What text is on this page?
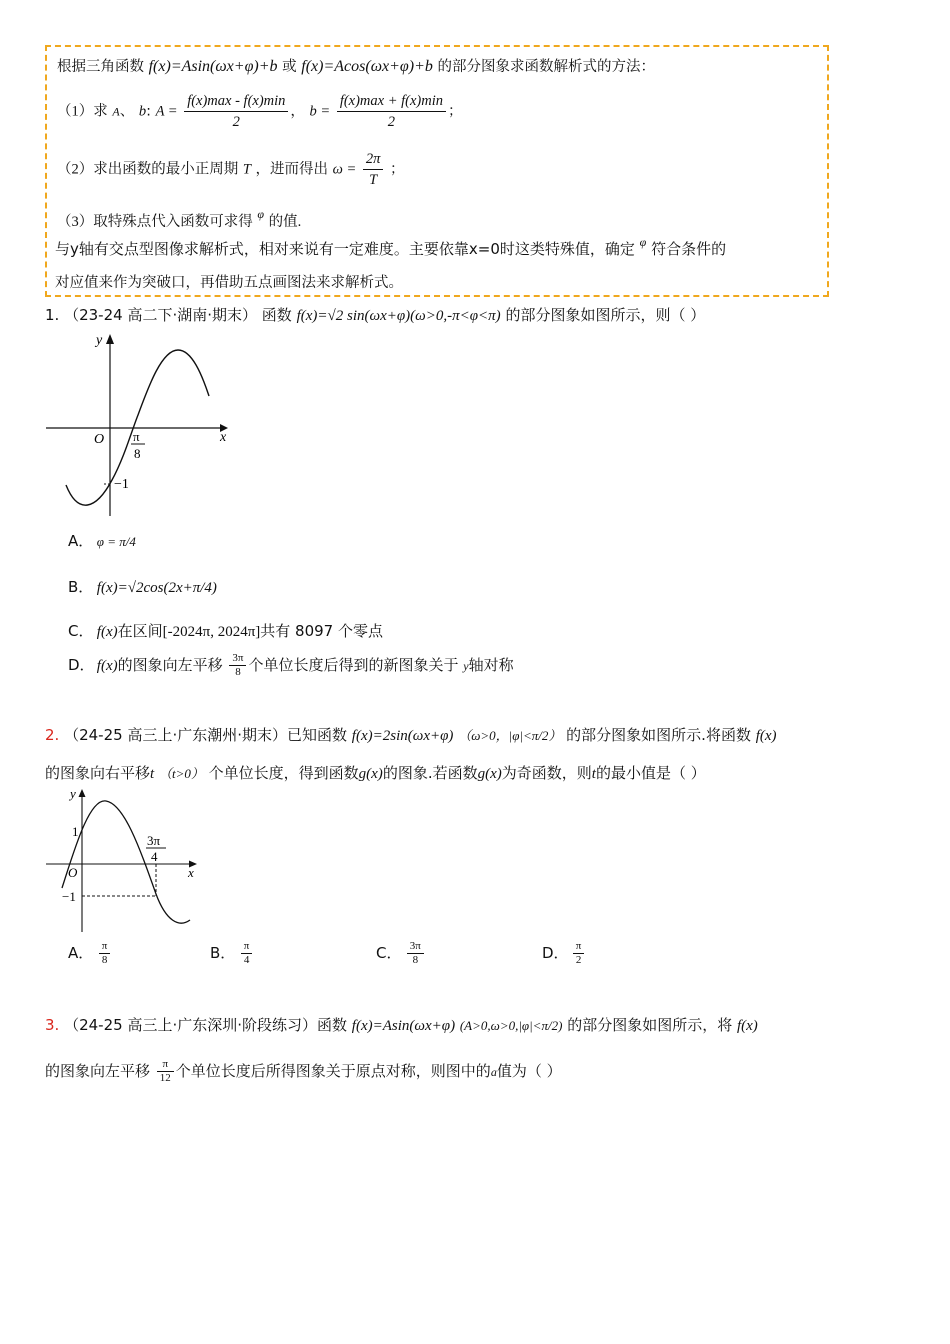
根据三角函数 f(x)=Asin(ωx+φ)+b 或 f(x)=Acos(ωx+φ)+b 的部分图象求函数解析式的方法：
（1）求 A、 b: $A = \frac{f(x)\max - f(x)\min}{2}$ ， $b = \frac{f(x)\max + f(x)\min}{2}$ ；
（2）求出函数的最小正周期 T ，进而得出 $\omega = \frac{2\pi}{T}$ ；
（3）取特殊点代入函数可求得 $^\varphi$ 的值.
与y轴有交点型图像求解析式，相对来说有一定难度。主要依靠x=0时这类特殊值，确定 $^\varphi$ 符合条件的
对应值来作为突破口，再借助五点画图法来求解析式。
1. （23-24 高二下·湖南·期末） 函数 f(x)=√2 sin(ωx+φ)(ω>0,-π<φ<π) 的部分图象如图所示，则（ ）
y
x
O π
8
−1
A． φ = π/4
B． f(x)=√2cos(2x+π/4)
C． f(x)在区间[-2024π, 2024π]共有 8097 个零点
D． f(x)的图象向左平移 $\frac{3\pi}{8}$ 个单位长度后得到的新图象关于 y轴对称
2. （24-25 高三上·广东潮州·期末）已知函数 f(x)=2sin(ωx+φ) （ω>0，|φ|<π/2） 的部分图象如图所示.将函数 f(x)
的图象向右平移t （t>0） 个单位长度，得到函数g(x)的图象.若函数g(x)为奇函数，则t的最小值是（ ）
y
x
O
1
−1
3π
4
A． $\frac{\pi}{8}$	B． $\frac{\pi}{4}$	C． $\frac{3\pi}{8}$	D． $\frac{\pi}{2}$
3. （24-25 高三上·广东深圳·阶段练习）函数 f(x)=Asin(ωx+φ) (A>0,ω>0,|φ|<π/2) 的部分图象如图所示，将 f(x)
的图象向左平移 $\frac{\pi}{12}$ 个单位长度后所得图象关于原点对称，则图中的a值为（ ）
